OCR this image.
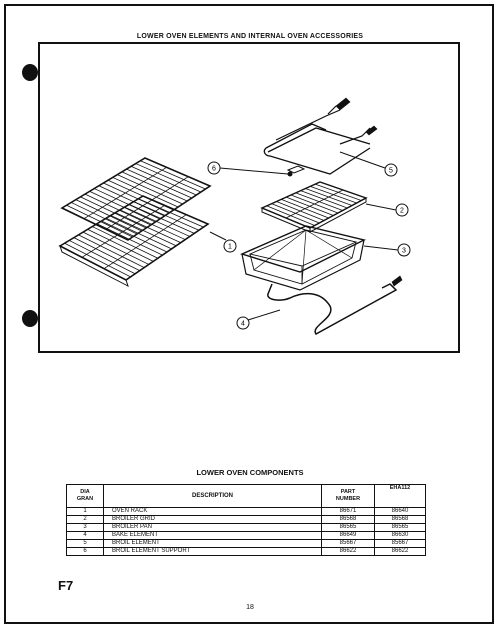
LOWER OVEN ELEMENTS AND INTERNAL OVEN ACCESSORIES
1
2
3
4
5
6
LOWER OVEN COMPONENTS
DIA
GRAN	DESCRIPTION	PART
NUMBER	EHA112
1	OVEN RACK	86671	86640
2	BROILER GRID	86568	86568
3	BROILER PAN	86565	86565
4	BAKE ELEMENT	86649	86630
5	BROIL ELEMENT	85667	85667
6	BROIL ELEMENT SUPPORT	86622	86622
F7
18
